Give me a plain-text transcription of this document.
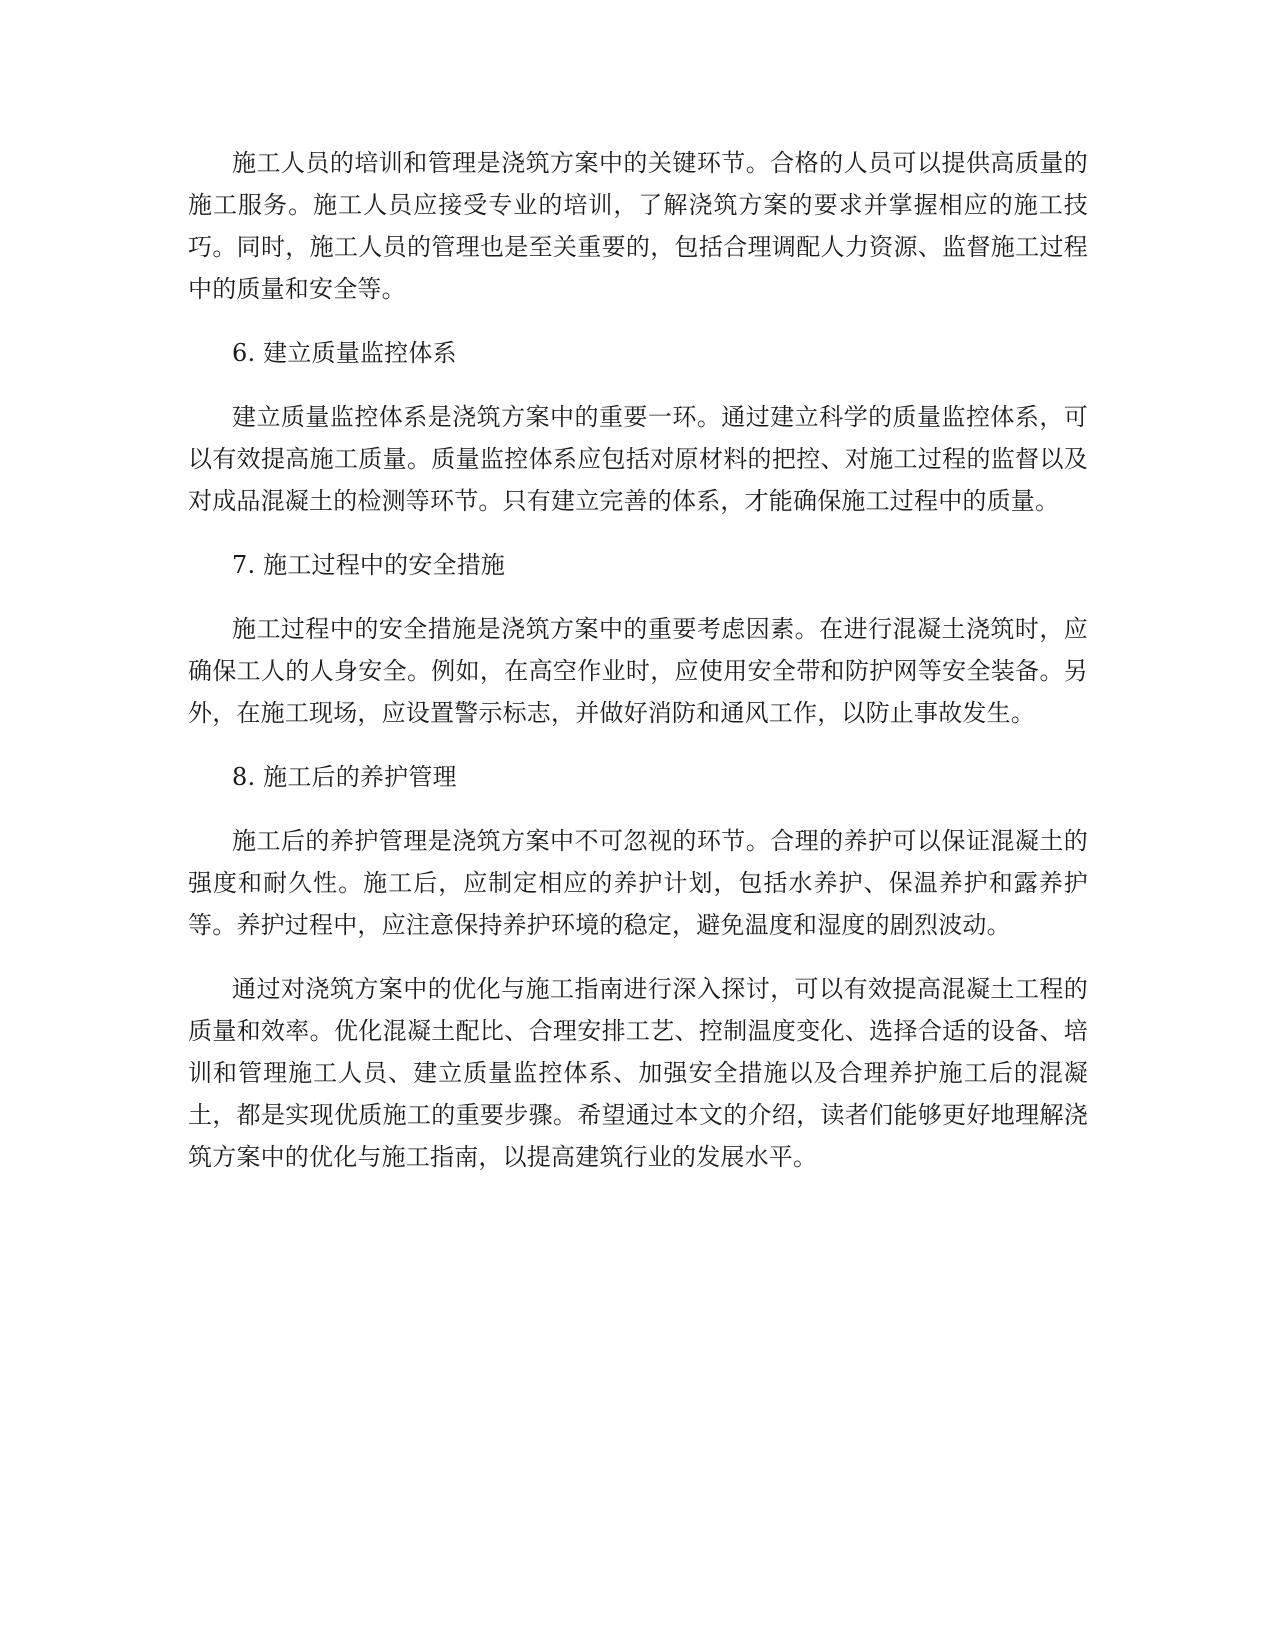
施工人员的培训和管理是浇筑方案中的关键环节。合格的人员可以提供高质量的施工服务。施工人员应接受专业的培训，了解浇筑方案的要求并掌握相应的施工技巧。同时，施工人员的管理也是至关重要的，包括合理调配人力资源、监督施工过程中的质量和安全等。

6. 建立质量监控体系

建立质量监控体系是浇筑方案中的重要一环。通过建立科学的质量监控体系，可以有效提高施工质量。质量监控体系应包括对原材料的把控、对施工过程的监督以及对成品混凝土的检测等环节。只有建立完善的体系，才能确保施工过程中的质量。

7. 施工过程中的安全措施

施工过程中的安全措施是浇筑方案中的重要考虑因素。在进行混凝土浇筑时，应确保工人的人身安全。例如，在高空作业时，应使用安全带和防护网等安全装备。另外，在施工现场，应设置警示标志，并做好消防和通风工作，以防止事故发生。

8. 施工后的养护管理

施工后的养护管理是浇筑方案中不可忽视的环节。合理的养护可以保证混凝土的强度和耐久性。施工后，应制定相应的养护计划，包括水养护、保温养护和露养护等。养护过程中，应注意保持养护环境的稳定，避免温度和湿度的剧烈波动。

通过对浇筑方案中的优化与施工指南进行深入探讨，可以有效提高混凝土工程的质量和效率。优化混凝土配比、合理安排工艺、控制温度变化、选择合适的设备、培训和管理施工人员、建立质量监控体系、加强安全措施以及合理养护施工后的混凝土，都是实现优质施工的重要步骤。希望通过本文的介绍，读者们能够更好地理解浇筑方案中的优化与施工指南，以提高建筑行业的发展水平。
